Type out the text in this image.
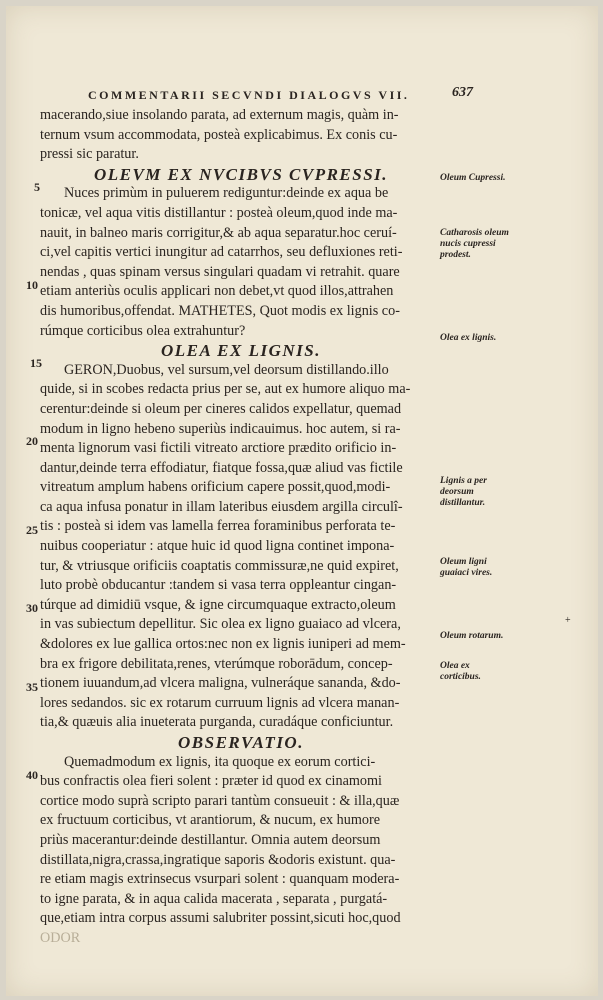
COMMENTARII SECVNDI DIALOGVS VII.	637
macerando,siue insolando parata, ad externum magis, quàm in-
ternum vsum accommodata, posteà explicabimus. Ex conis cu-
pressi sic paratur.
OLEVM EX NVCIBVS CVPRESSI.
Nuces primùm in puluerem rediguntur:deinde ex aqua be
tonicæ, vel aqua vitis distillantur : posteà oleum,quod inde ma-
nauit, in balneo maris corrigitur,& ab aqua separatur.hoc ceruí-
ci,vel capitis vertici inungitur ad catarrhos, seu defluxiones reti-
nendas , quas spinam versus singulari quadam vi retrahit. quare
etiam anteriùs oculis applicari non debet,vt quod illos,attrahen
dis humoribus,offendat. MATHETES, Quot modis ex lignis co-
rúmque corticibus olea extrahuntur?
OLEA EX LIGNIS.
GERON,Duobus, vel sursum,vel deorsum distillando.illo
quide, si in scobes redacta prius per se, aut ex humore aliquo ma-
cerentur:deinde si oleum per cineres calidos expellatur, quemad
modum in ligno hebeno superiùs indicauimus. hoc autem, si ra-
menta lignorum vasi fictili vitreato arctiore prædito orificio in-
dantur,deinde terra effodiatur, fiatque fossa,quæ aliud vas fictile
vitreatum amplum habens orificium capere possit,quod,modi-
ca aqua infusa ponatur in illam lateribus eiusdem argilla circulî-
tis : posteà si idem vas lamella ferrea foraminibus perforata te-
nuibus cooperiatur : atque huic id quod ligna continet impona-
tur, & vtriusque orificiis coaptatis commissuræ,ne quid expiret,
luto probè obducantur :tandem si vasa terra oppleantur cingan-
túrque ad dimidiū vsque, & igne circumquaque extracto,oleum
in vas subiectum depellitur. Sic olea ex ligno guaiaco ad vlcera,
&dolores ex lue gallica ortos:nec non ex lignis iuniperi ad mem-
bra ex frigore debilitata,renes, vterúmque roborādum, concep-
tionem iuuandum,ad vlcera maligna, vulneráque sananda, &do-
lores sedandos. sic ex rotarum curruum lignis ad vlcera manan-
tia,& quæuis alia inueterata purganda, curadáque conficiuntur.
OBSERVATIO.
Quemadmodum ex lignis, ita quoque ex eorum cortici-
bus confractis olea fieri solent : præter id quod ex cinamomi
cortice modo suprà scripto parari tantùm consueuit : & illa,quæ
ex fructuum corticibus, vt arantiorum, & nucum, ex humore
priùs macerantur:deinde destillantur. Omnia autem deorsum
distillata,nigra,crassa,ingratique saporis &odoris existunt. qua-
re etiam magis extrinsecus vsurpari solent : quanquam modera-
to igne parata, & in aqua calida macerata , separata , purgatá-
que,etiam intra corpus assumi salubriter possint,sicuti hoc,quod
ODOR
5
10
15
20
25
30
35
40
Oleum Cupressi.
Catharosis oleum nucis cupressi prodest.
Olea ex lignis.
Lignis a per deorsum distillantur.
Oleum ligni guaiaci vires.
Oleum rotarum.
Olea ex corticibus.
+
